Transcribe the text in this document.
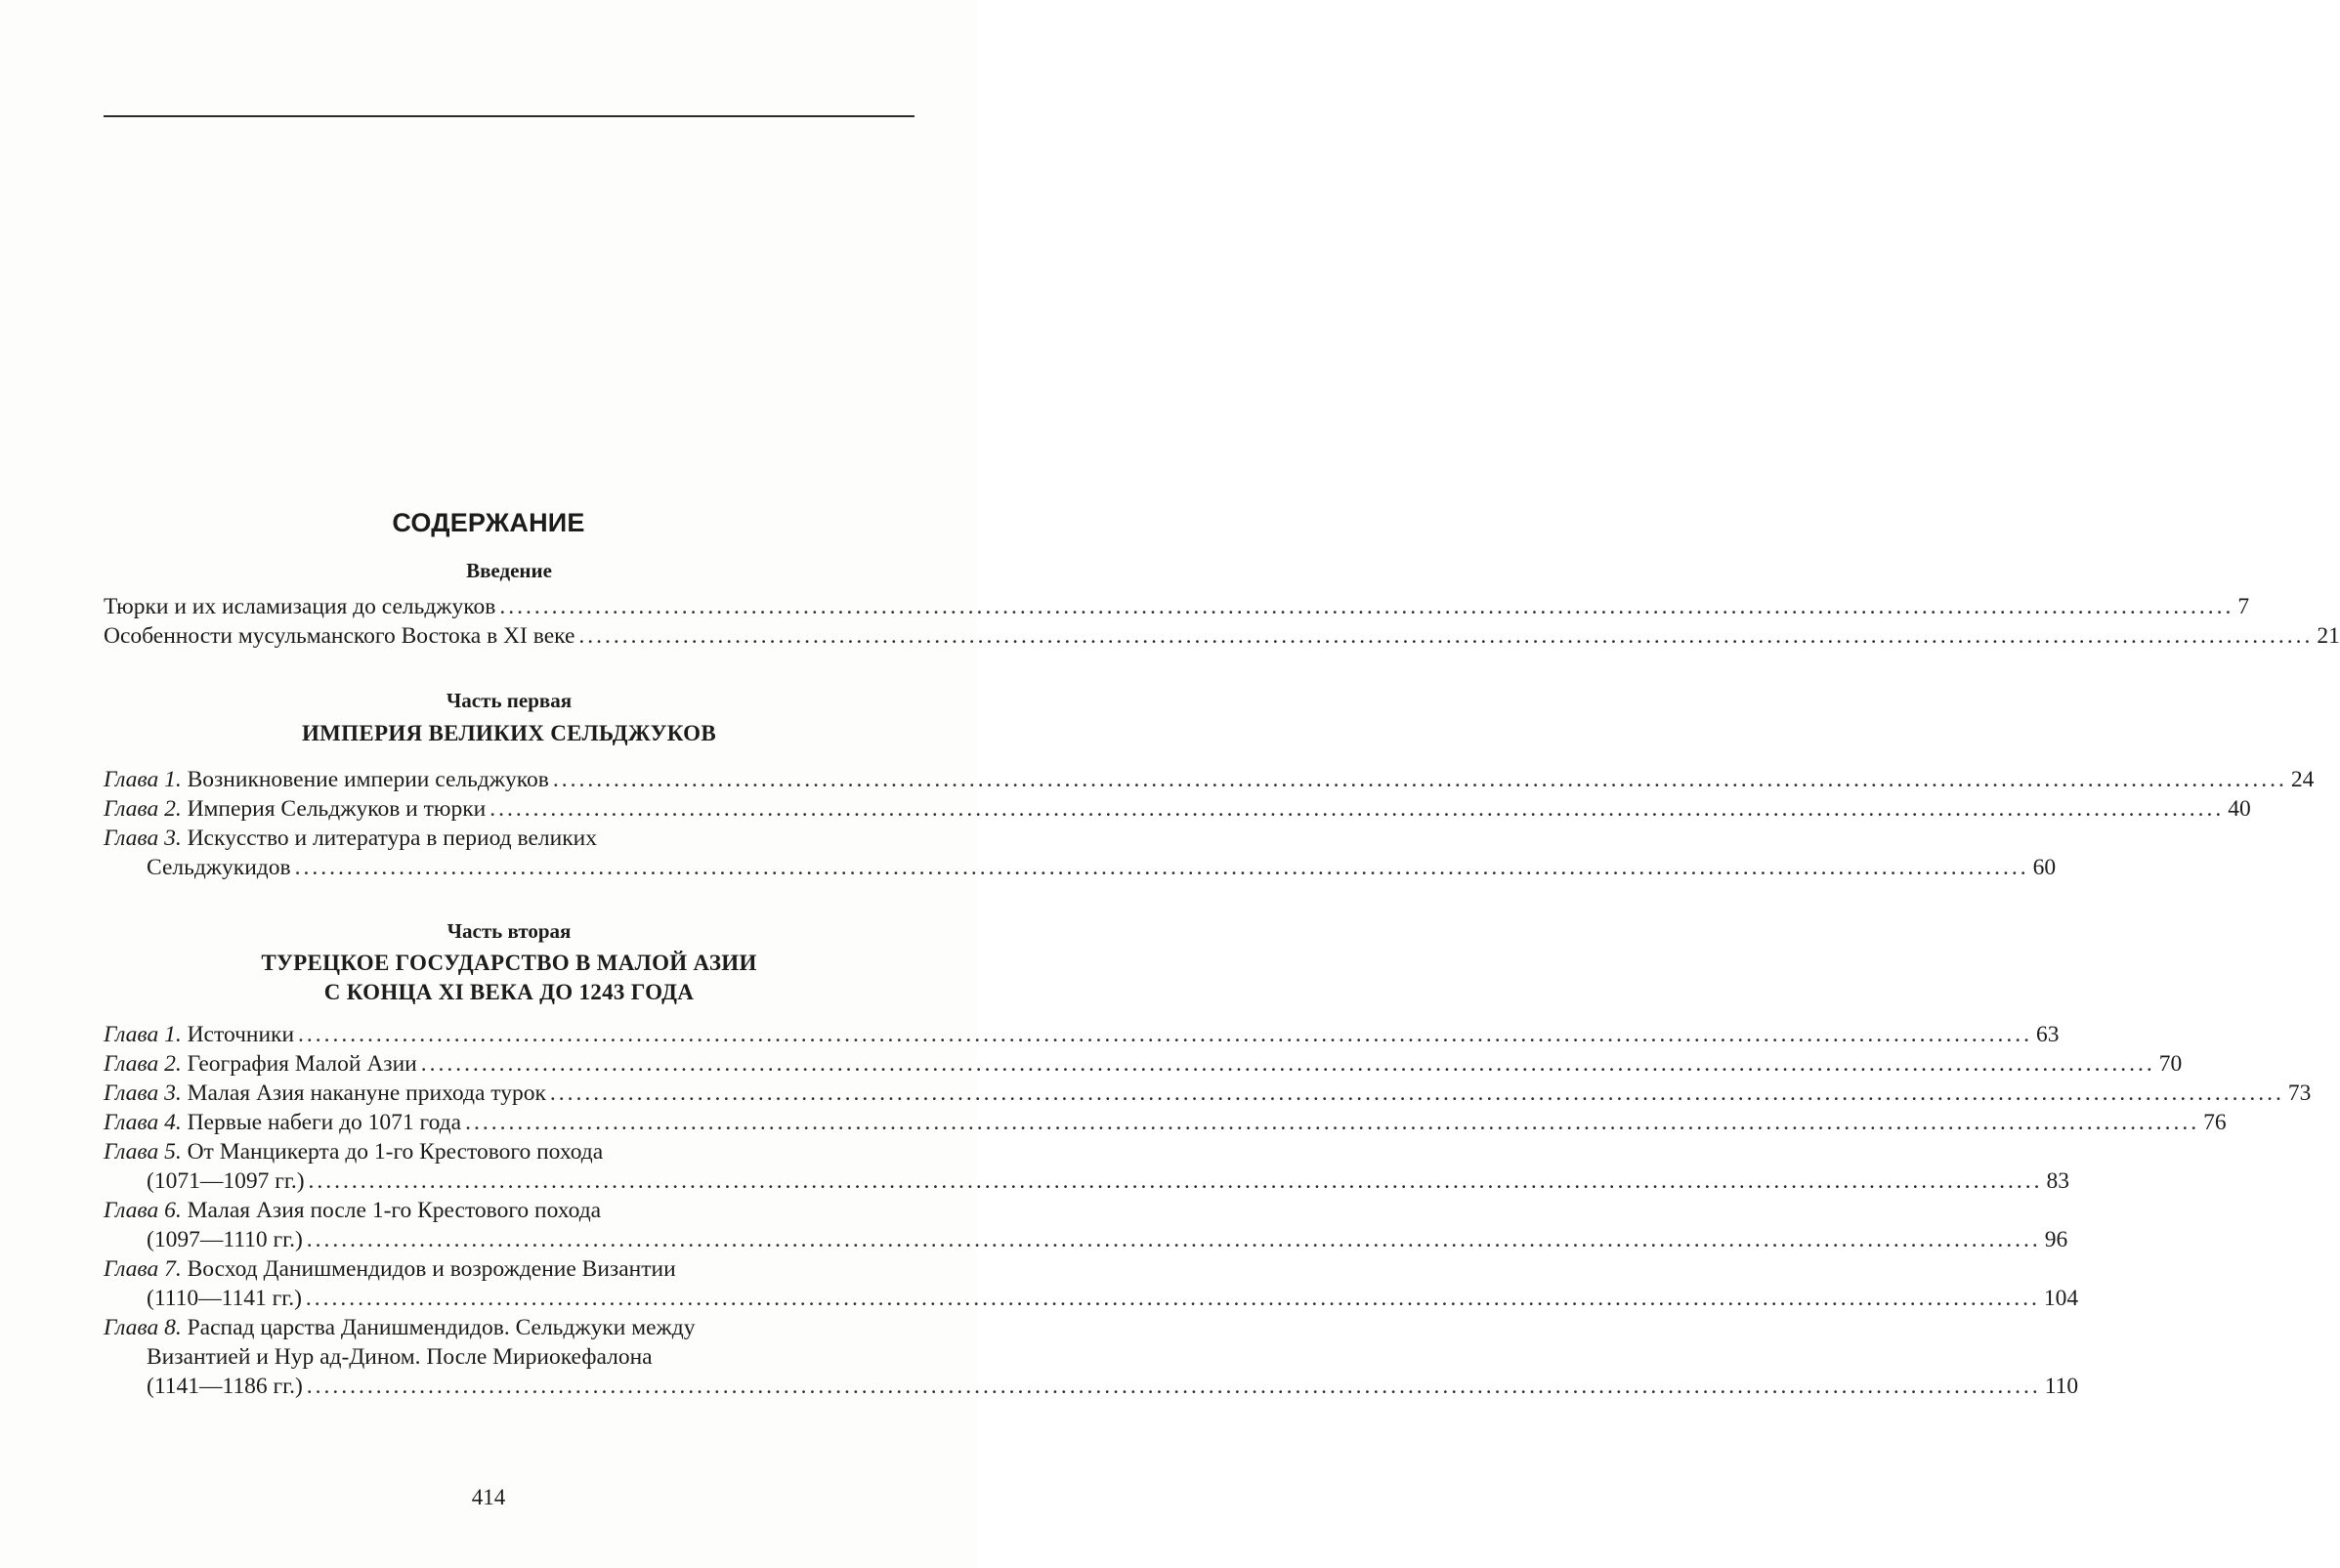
СОДЕРЖАНИЕ
Введение
Тюрки и их исламизация до сельджуков ........................................................................................................................................................................................................ 7
Особенности мусульманского Востока в XI веке ........................................................................................................................................................................................................ 21
Часть первая
ИМПЕРИЯ ВЕЛИКИХ СЕЛЬДЖУКОВ
Глава 1. Возникновение империи сельджуков ........................................................................................................................................................................................................ 24
Глава 2. Империя Сельджуков и тюрки ........................................................................................................................................................................................................ 40
Глава 3. Искусство и литература в период великих
Сельджукидов ........................................................................................................................................................................................................ 60
Часть вторая
ТУРЕЦКОЕ ГОСУДАРСТВО В МАЛОЙ АЗИИ
С КОНЦА XI ВЕКА ДО 1243 ГОДА
Глава 1. Источники ........................................................................................................................................................................................................ 63
Глава 2. География Малой Азии ........................................................................................................................................................................................................ 70
Глава 3. Малая Азия накануне прихода турок ........................................................................................................................................................................................................ 73
Глава 4. Первые набеги до 1071 года ........................................................................................................................................................................................................ 76
Глава 5. От Манцикерта до 1-го Крестового похода
(1071—1097 гг.) ........................................................................................................................................................................................................ 83
Глава 6. Малая Азия после 1-го Крестового похода
(1097—1110 гг.) ........................................................................................................................................................................................................ 96
Глава 7. Восход Данишмендидов и возрождение Византии
(1110—1141 гг.) ........................................................................................................................................................................................................ 104
Глава 8. Распад царства Данишмендидов. Сельджуки между
Византией и Нур ад-Дином. После Мириокефалона
(1141—1186 гг.) ........................................................................................................................................................................................................ 110
414
